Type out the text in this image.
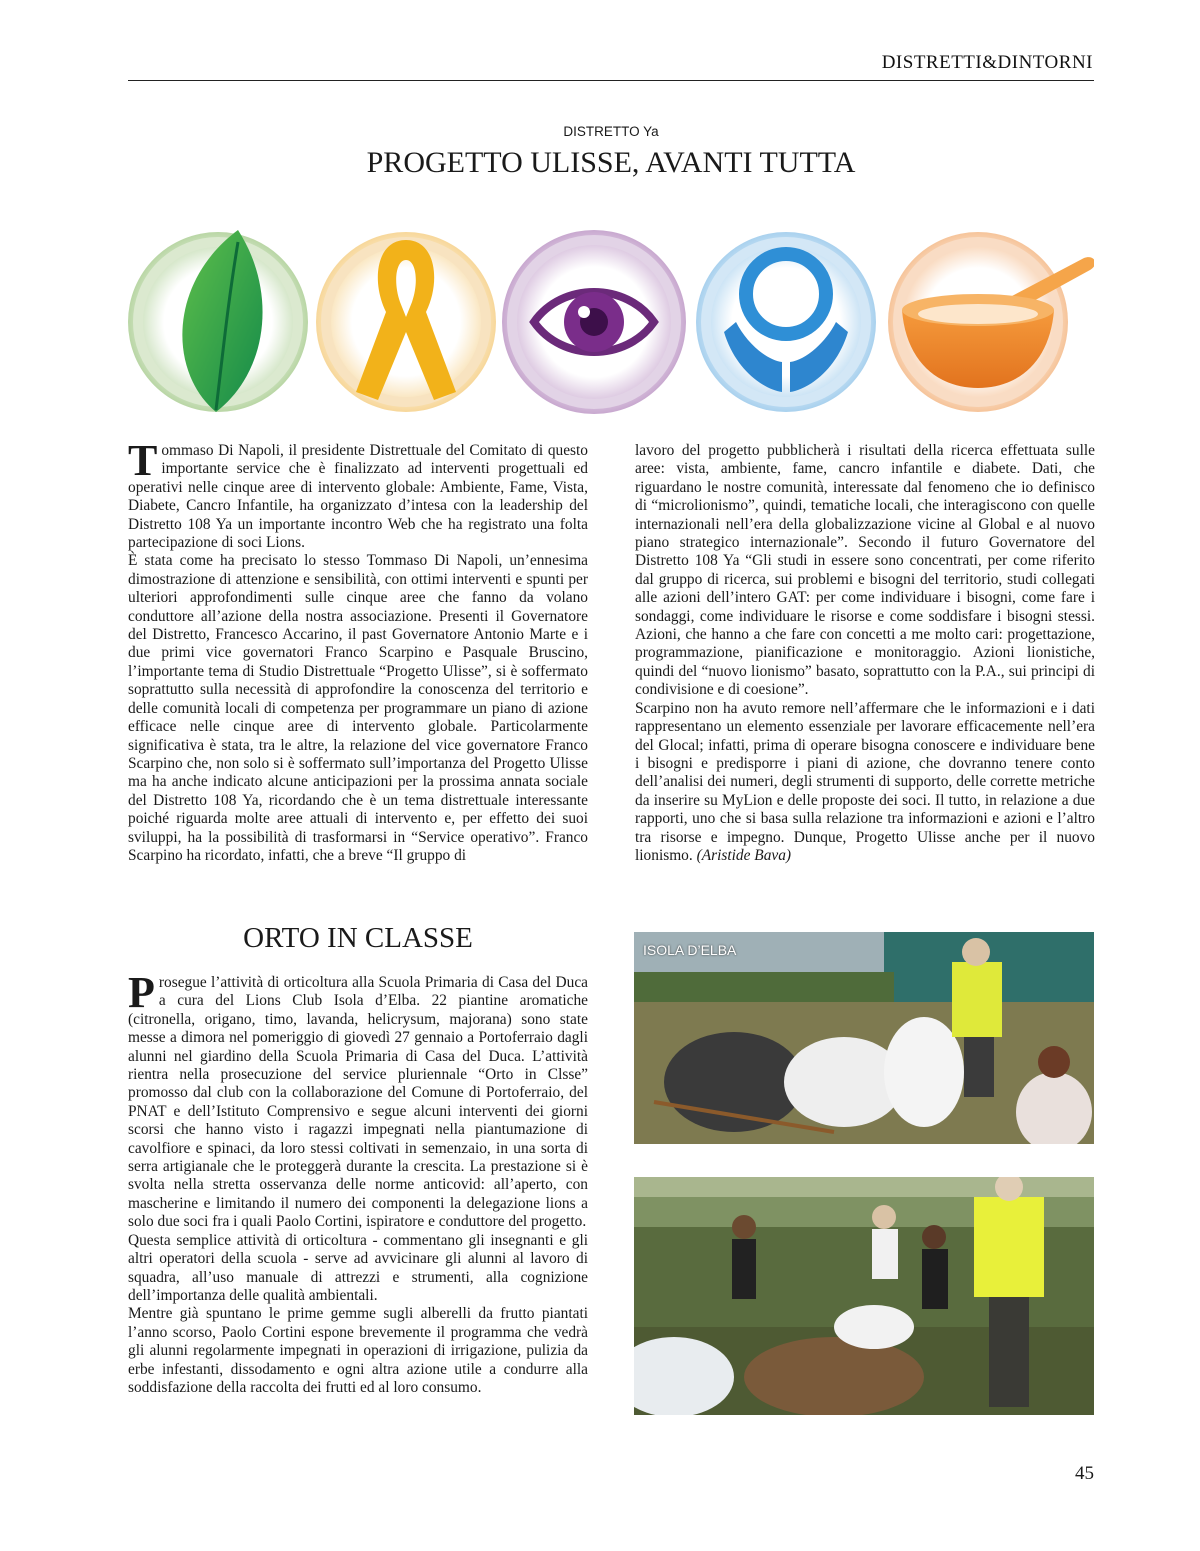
DISTRETTI&DINTORNI
DISTRETTO Ya
PROGETTO ULISSE, AVANTI TUTTA

Tommaso Di Napoli, il presidente Distrettuale del Comitato di questo importante service che è finalizzato ad interventi progettuali ed operativi nelle cinque aree di intervento globale: Ambiente, Fame, Vista, Diabete, Cancro Infantile, ha organizzato d’intesa con la leadership del Distretto 108 Ya un importante incontro Web che ha registrato una folta partecipazione di soci Lions.

È stata come ha precisato lo stesso Tommaso Di Napoli, un’ennesima dimostrazione di attenzione e sensibilità, con ottimi interventi e spunti per ulteriori approfondimenti sulle cinque aree che fanno da volano conduttore all’azione della nostra associazione. Presenti il Governatore del Distretto, Francesco Accarino, il past Governatore Antonio Marte e i due primi vice governatori Franco Scarpino e Pasquale Bruscino, l’importante tema di Studio Distrettuale “Progetto Ulisse”, si è soffermato soprattutto sulla necessità di approfondire la conoscenza del territorio e delle comunità locali di competenza per programmare un piano di azione efficace nelle cinque aree di intervento globale. Particolarmente significativa è stata, tra le altre, la relazione del vice governatore Franco Scarpino che, non solo si è soffermato sull’importanza del Progetto Ulisse ma ha anche indicato alcune anticipazioni per la prossima annata sociale del Distretto 108 Ya, ricordando che è un tema distrettuale interessante poiché riguarda molte aree attuali di intervento e, per effetto dei suoi sviluppi, ha la possibilità di trasformarsi in “Service operativo”. Franco Scarpino ha ricordato, infatti, che a breve “Il gruppo di

lavoro del progetto pubblicherà i risultati della ricerca effettuata sulle aree: vista, ambiente, fame, cancro infantile e diabete. Dati, che riguardano le nostre comunità, interessate dal fenomeno che io definisco di “microlionismo”, quindi, tematiche locali, che interagiscono con quelle internazionali nell’era della globalizzazione vicine al Global e al nuovo piano strategico internazionale”. Secondo il futuro Governatore del Distretto 108 Ya “Gli studi in essere sono concentrati, per come riferito dal gruppo di ricerca, sui problemi e bisogni del territorio, studi collegati alle azioni dell’intero GAT: per come individuare i bisogni, come fare i sondaggi, come individuare le risorse e come soddisfare i bisogni stessi. Azioni, che hanno a che fare con concetti a me molto cari: progettazione, programmazione, pianificazione e monitoraggio. Azioni lionistiche, quindi del “nuovo lionismo” basato, soprattutto con la P.A., sui principi di condivisione e di coesione”.

Scarpino non ha avuto remore nell’affermare che le informazioni e i dati rappresentano un elemento essenziale per lavorare efficacemente nell’era del Glocal; infatti, prima di operare bisogna conoscere e individuare bene i bisogni e predisporre i piani di azione, che dovranno tenere conto dell’analisi dei numeri, degli strumenti di supporto, delle corrette metriche da inserire su MyLion e delle proposte dei soci. Il tutto, in relazione a due rapporti, uno che si basa sulla relazione tra informazioni e azioni e l’altro tra risorse e impegno. Dunque, Progetto Ulisse anche per il nuovo lionismo. (Aristide Bava)

ORTO IN CLASSE

Prosegue l’attività di orticoltura alla Scuola Primaria di Casa del Duca a cura del Lions Club Isola d’Elba. 22 piantine aromatiche (citronella, origano, timo, lavanda, helicrysum, majorana) sono state messe a dimora nel pomeriggio di giovedì 27 gennaio a Portoferraio dagli alunni nel giardino della Scuola Primaria di Casa del Duca. L’attività rientra nella prosecuzione del service pluriennale “Orto in Clsse” promosso dal club con la collaborazione del Comune di Portoferraio, del PNAT e dell’Istituto Comprensivo e segue alcuni interventi dei giorni scorsi che hanno visto i ragazzi impegnati nella piantumazione di cavolfiore e spinaci, da loro stessi coltivati in semenzaio, in una sorta di serra artigianale che le proteggerà durante la crescita. La prestazione si è svolta nella stretta osservanza delle norme anticovid: all’aperto, con mascherine e limitando il numero dei componenti la delegazione lions a solo due soci fra i quali Paolo Cortini, ispiratore e conduttore del progetto.

Questa semplice attività di orticoltura - commentano gli insegnanti e gli altri operatori della scuola - serve ad avvicinare gli alunni al lavoro di squadra, all’uso manuale di attrezzi e strumenti, alla cognizione dell’importanza delle qualità ambientali.

Mentre già spuntano le prime gemme sugli alberelli da frutto piantati l’anno scorso, Paolo Cortini espone brevemente il programma che vedrà gli alunni regolarmente impegnati in operazioni di irrigazione, pulizia da erbe infestanti, dissodamento e ogni altra azione utile a condurre alla soddisfazione della raccolta dei frutti ed al loro consumo.

ISOLA D’ELBA
45
